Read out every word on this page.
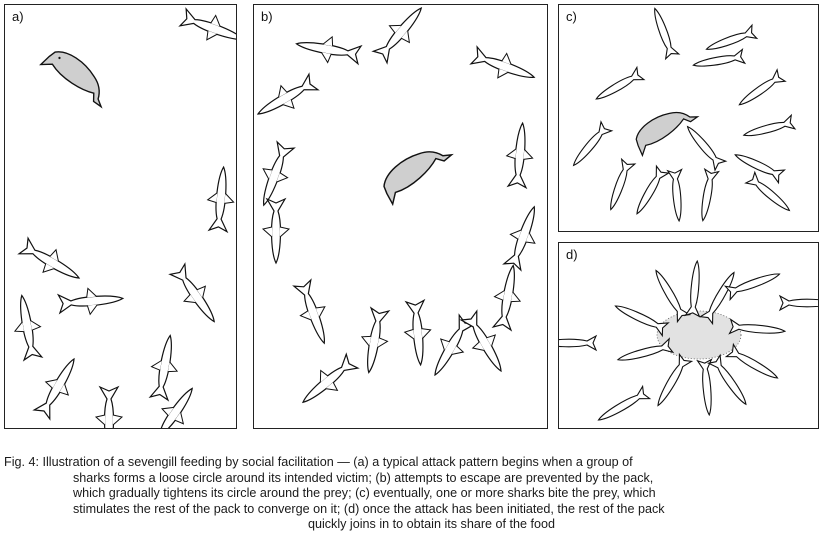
a)	b)	c)
d)
Fig. 4: Illustration of a sevengill feeding by social facilitation — (a) a typical attack pattern begins when a group of
sharks forms a loose circle around its intended victim; (b) attempts to escape are prevented by the pack,
which gradually tightens its circle around the prey; (c) eventually, one or more sharks bite the prey, which
stimulates the rest of the pack to converge on it; (d) once the attack has been initiated, the rest of the pack
quickly joins in to obtain its share of the food
